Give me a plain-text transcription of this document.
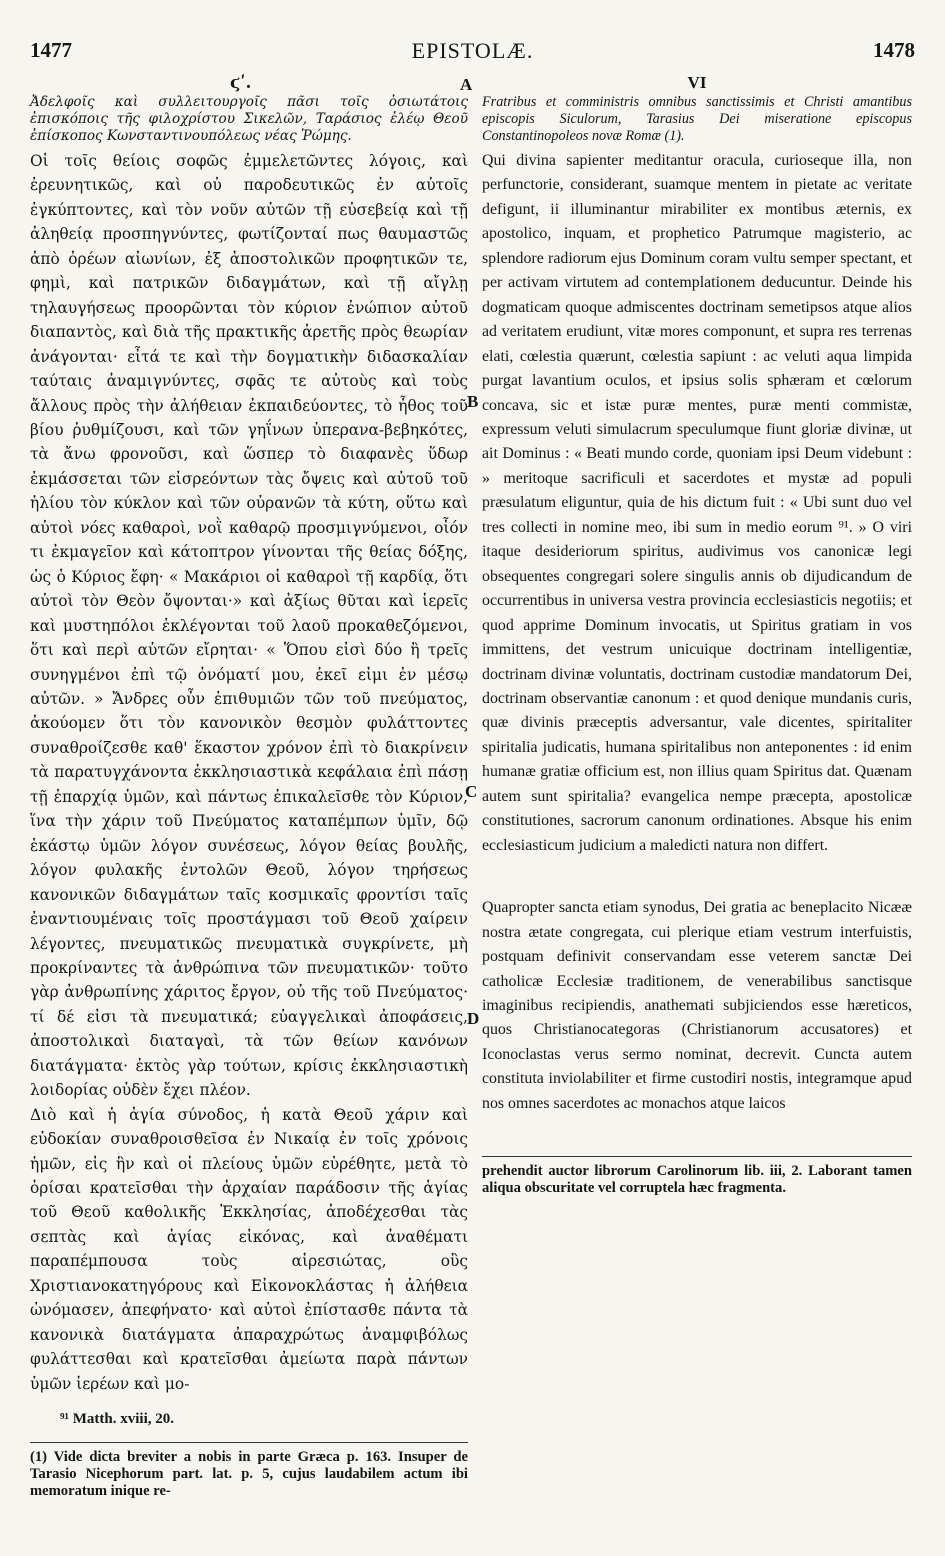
1477	EPISTOLÆ.	1478
A
B
C
D
ϛʹ.

Ἀδελφοῖς καὶ συλλειτουργοῖς πᾶσι τοῖς ὁσιωτάτοις ἐπισκόποις τῆς φιλοχρίστου Σικελῶν, Ταράσιος ἐλέῳ Θεοῦ ἐπίσκοπος Κωνσταντινουπόλεως νέας Ῥώμης.

Οἱ τοῖς θείοις σοφῶς ἐμμελετῶντες λόγοις, καὶ ἐρευνητικῶς, καὶ οὐ παροδευτικῶς ἐν αὐτοῖς ἐγκύπτοντες, καὶ τὸν νοῦν αὐτῶν τῇ εὐσεβείᾳ καὶ τῇ ἀληθείᾳ προσπηγνύντες, φωτίζονταί πως θαυμαστῶς ἀπὸ ὀρέων αἰωνίων, ἐξ ἀποστολικῶν προφητικῶν τε, φημὶ, καὶ πατρικῶν διδαγμάτων, καὶ τῇ αἴγλῃ τηλαυγήσεως προορῶνται τὸν κύριον ἐνώπιον αὐτοῦ διαπαντὸς, καὶ διὰ τῆς πρακτικῆς ἀρετῆς πρὸς θεωρίαν ἀνάγονται· εἶτά τε καὶ τὴν δογματικὴν διδασκαλίαν ταύταις ἀναμιγνύντες, σφᾶς τε αὐτοὺς καὶ τοὺς ἄλλους πρὸς τὴν ἀλήθειαν ἐκπαιδεύοντες, τὸ ἦθος τοῦ βίου ῥυθμίζουσι, καὶ τῶν γηΐνων ὑπερανα-βεβηκότες, τὰ ἄνω φρονοῦσι, καὶ ὥσπερ τὸ διαφανὲς ὕδωρ ἐκμάσσεται τῶν εἰσρεόντων τὰς ὄψεις καὶ αὐτοῦ τοῦ ἡλίου τὸν κύκλον καὶ τῶν οὐρανῶν τὰ κύτη, οὕτω καὶ αὐτοὶ νόες καθαροὶ, νοῒ καθαρῷ προσμιγνύμενοι, οἷόν τι ἐκμαγεῖον καὶ κάτοπτρον γίνονται τῆς θείας δόξης, ὡς ὁ Κύριος ἔφη· « Μακάριοι οἱ καθαροὶ τῇ καρδίᾳ, ὅτι αὐτοὶ τὸν Θεὸν ὄψονται·» καὶ ἀξίως θῦται καὶ ἱερεῖς καὶ μυστηπόλοι ἐκλέγονται τοῦ λαοῦ προκαθεζόμενοι, ὅτι καὶ περὶ αὐτῶν εἴρηται· « Ὅπου εἰσὶ δύο ἢ τρεῖς συνηγμένοι ἐπὶ τῷ ὀνόματί μου, ἐκεῖ εἰμι ἐν μέσῳ αὐτῶν. » Ἄνδρες οὖν ἐπιθυμιῶν τῶν τοῦ πνεύματος, ἀκούομεν ὅτι τὸν κανονικὸν θεσμὸν φυλάττοντες συναθροίζεσθε καθ' ἕκαστον χρόνον ἐπὶ τὸ διακρίνειν τὰ παρατυγχάνοντα ἐκκλησιαστικὰ κεφάλαια ἐπὶ πάσῃ τῇ ἐπαρχίᾳ ὑμῶν, καὶ πάντως ἐπικαλεῖσθε τὸν Κύριον, ἵνα τὴν χάριν τοῦ Πνεύματος καταπέμπων ὑμῖν, δῷ ἑκάστῳ ὑμῶν λόγον συνέσεως, λόγον θείας βουλῆς, λόγον φυλακῆς ἐντολῶν Θεοῦ, λόγον τηρήσεως κανονικῶν διδαγμάτων ταῖς κοσμικαῖς φροντίσι ταῖς ἐναντιουμέναις τοῖς προστάγμασι τοῦ Θεοῦ χαίρειν λέγοντες, πνευματικῶς πνευματικὰ συγκρίνετε, μὴ προκρίναντες τὰ ἀνθρώπινα τῶν πνευματικῶν· τοῦτο γὰρ ἀνθρωπίνης χάριτος ἔργον, οὐ τῆς τοῦ Πνεύματος· τί δέ εἰσι τὰ πνευματικά; εὐαγγελικαὶ ἀποφάσεις, ἀποστολικαὶ διαταγαὶ, τὰ τῶν θείων κανόνων διατάγματα· ἐκτὸς γὰρ τούτων, κρίσις ἐκκλησιαστικὴ λοιδορίας οὐδὲν ἔχει πλέον.

Διὸ καὶ ἡ ἁγία σύνοδος, ἡ κατὰ Θεοῦ χάριν καὶ εὐδοκίαν συναθροισθεῖσα ἐν Νικαίᾳ ἐν τοῖς χρόνοις ἡμῶν, εἰς ἣν καὶ οἱ πλείους ὑμῶν εὑρέθητε, μετὰ τὸ ὁρίσαι κρατεῖσθαι τὴν ἀρχαίαν παράδοσιν τῆς ἁγίας τοῦ Θεοῦ καθολικῆς Ἐκκλησίας, ἀποδέχεσθαι τὰς σεπτὰς καὶ ἁγίας εἰκόνας, καὶ ἀναθέματι παραπέμπουσα τοὺς αἱρεσιώτας, οὓς Χριστιανοκατηγόρους καὶ Εἰκονοκλάστας ἡ ἀλήθεια ὠνόμασεν, ἀπεφήνατο· καὶ αὐτοὶ ἐπίστασθε πάντα τὰ κανονικὰ διατάγματα ἀπαραχρώτως ἀναμφιβόλως φυλάττεσθαι καὶ κρατεῖσθαι ἀμείωτα παρὰ πάντων ὑμῶν ἱερέων καὶ μο-

⁹¹ Matth. xviii, 20.

(1) Vide dicta breviter a nobis in parte Græca p. 163. Insuper de Tarasio Nicephorum part. lat. p. 5, cujus laudabilem actum ibi memoratum inique re-

VI

Fratribus et comministris omnibus sanctissimis et Christi amantibus episcopis Siculorum, Tarasius Dei miseratione episcopus Constantinopoleos novæ Romæ (1).

Qui divina sapienter meditantur oracula, curioseque illa, non perfunctorie, considerant, suamque mentem in pietate ac veritate defigunt, ii illuminantur mirabiliter ex montibus æternis, ex apostolico, inquam, et prophetico Patrumque magisterio, ac splendore radiorum ejus Dominum coram vultu semper spectant, et per activam virtutem ad contemplationem deducuntur. Deinde his dogmaticam quoque admiscentes doctrinam semetipsos atque alios ad veritatem erudiunt, vitæ mores componunt, et supra res terrenas elati, cœlestia quærunt, cœlestia sapiunt : ac veluti aqua limpida purgat lavantium oculos, et ipsius solis sphæram et cœlorum concava, sic et istæ puræ mentes, puræ menti commistæ, expressum veluti simulacrum speculumque fiunt gloriæ divinæ, ut ait Dominus : « Beati mundo corde, quoniam ipsi Deum videbunt : » meritoque sacrificuli et sacerdotes et mystæ ad populi præsulatum eliguntur, quia de his dictum fuit : « Ubi sunt duo vel tres collecti in nomine meo, ibi sum in medio eorum ⁹¹. » O viri itaque desideriorum spiritus, audivimus vos canonicæ legi obsequentes congregari solere singulis annis ob dijudicandum de occurrentibus in universa vestra provincia ecclesiasticis negotiis; et quod apprime Dominum invocatis, ut Spiritus gratiam in vos immittens, det vestrum unicuique doctrinam intelligentiæ, doctrinam divinæ voluntatis, doctrinam custodiæ mandatorum Dei, doctrinam observantiæ canonum : et quod denique mundanis curis, quæ divinis præceptis adversantur, vale dicentes, spiritaliter spiritalia judicatis, humana spiritalibus non anteponentes : id enim humanæ gratiæ officium est, non illius quam Spiritus dat. Quænam autem sunt spiritalia? evangelica nempe præcepta, apostolicæ constitutiones, sacrorum canonum ordinationes. Absque his enim ecclesiasticum judicium a maledicti natura non differt.

Quapropter sancta etiam synodus, Dei gratia ac beneplacito Nicææ nostra ætate congregata, cui plerique etiam vestrum interfuistis, postquam definivit conservandam esse veterem sanctæ Dei catholicæ Ecclesiæ traditionem, de venerabilibus sanctisque imaginibus recipiendis, anathemati subjiciendos esse hæreticos, quos Christianocategoras (Christianorum accusatores) et Iconoclastas verus sermo nominat, decrevit. Cuncta autem constituta inviolabiliter et firme custodiri nostis, integramque apud nos omnes sacerdotes ac monachos atque laicos

prehendit auctor librorum Carolinorum lib. iii, 2. Laborant tamen aliqua obscuritate vel corruptela hæc fragmenta.
